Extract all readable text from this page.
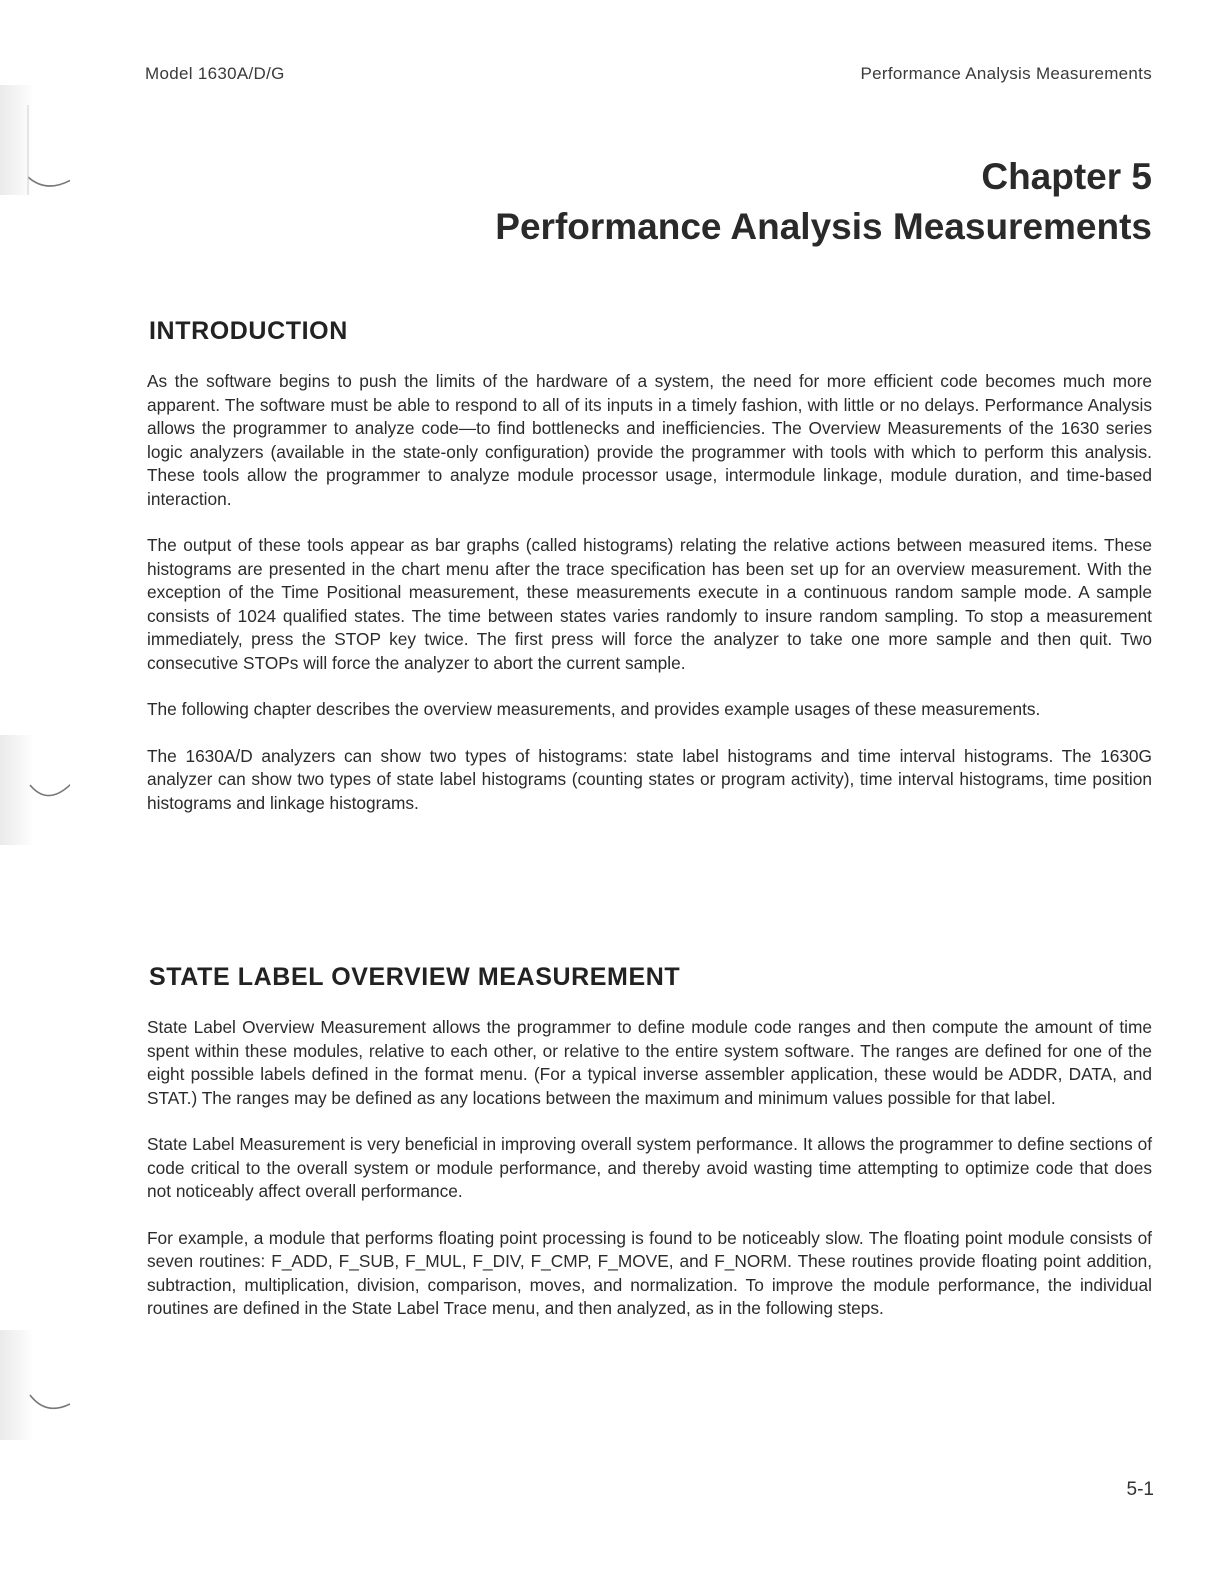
Model 1630A/D/G	Performance Analysis Measurements
Chapter 5
Performance Analysis Measurements
INTRODUCTION

As the software begins to push the limits of the hardware of a system, the need for more efficient code becomes much more apparent. The software must be able to respond to all of its inputs in a timely fashion, with little or no delays. Performance Analysis allows the programmer to analyze code—to find bottlenecks and inefficiencies. The Overview Measurements of the 1630 series logic analyzers (available in the state-only configuration) provide the programmer with tools with which to perform this analysis. These tools allow the programmer to analyze module processor usage, intermodule linkage, module duration, and time-based interaction.

The output of these tools appear as bar graphs (called histograms) relating the relative actions between measured items. These histograms are presented in the chart menu after the trace specification has been set up for an overview measurement. With the exception of the Time Positional measurement, these measurements execute in a continuous random sample mode. A sample consists of 1024 qualified states. The time between states varies randomly to insure random sampling. To stop a measurement immediately, press the STOP key twice. The first press will force the analyzer to take one more sample and then quit. Two consecutive STOPs will force the analyzer to abort the current sample.

The following chapter describes the overview measurements, and provides example usages of these measurements.

The 1630A/D analyzers can show two types of histograms: state label histograms and time interval histograms. The 1630G analyzer can show two types of state label histograms (counting states or program activity), time interval histograms, time position histograms and linkage histograms.

STATE LABEL OVERVIEW MEASUREMENT

State Label Overview Measurement allows the programmer to define module code ranges and then compute the amount of time spent within these modules, relative to each other, or relative to the entire system software. The ranges are defined for one of the eight possible labels defined in the format menu. (For a typical inverse assembler application, these would be ADDR, DATA, and STAT.) The ranges may be defined as any locations between the maximum and minimum values possible for that label.

State Label Measurement is very beneficial in improving overall system performance. It allows the programmer to define sections of code critical to the overall system or module performance, and thereby avoid wasting time attempting to optimize code that does not noticeably affect overall performance.

For example, a module that performs floating point processing is found to be noticeably slow. The floating point module consists of seven routines: F_ADD, F_SUB, F_MUL, F_DIV, F_CMP, F_MOVE, and F_NORM. These routines provide floating point addition, subtraction, multiplication, division, comparison, moves, and normalization. To improve the module performance, the individual routines are defined in the State Label Trace menu, and then analyzed, as in the following steps.

5-1
